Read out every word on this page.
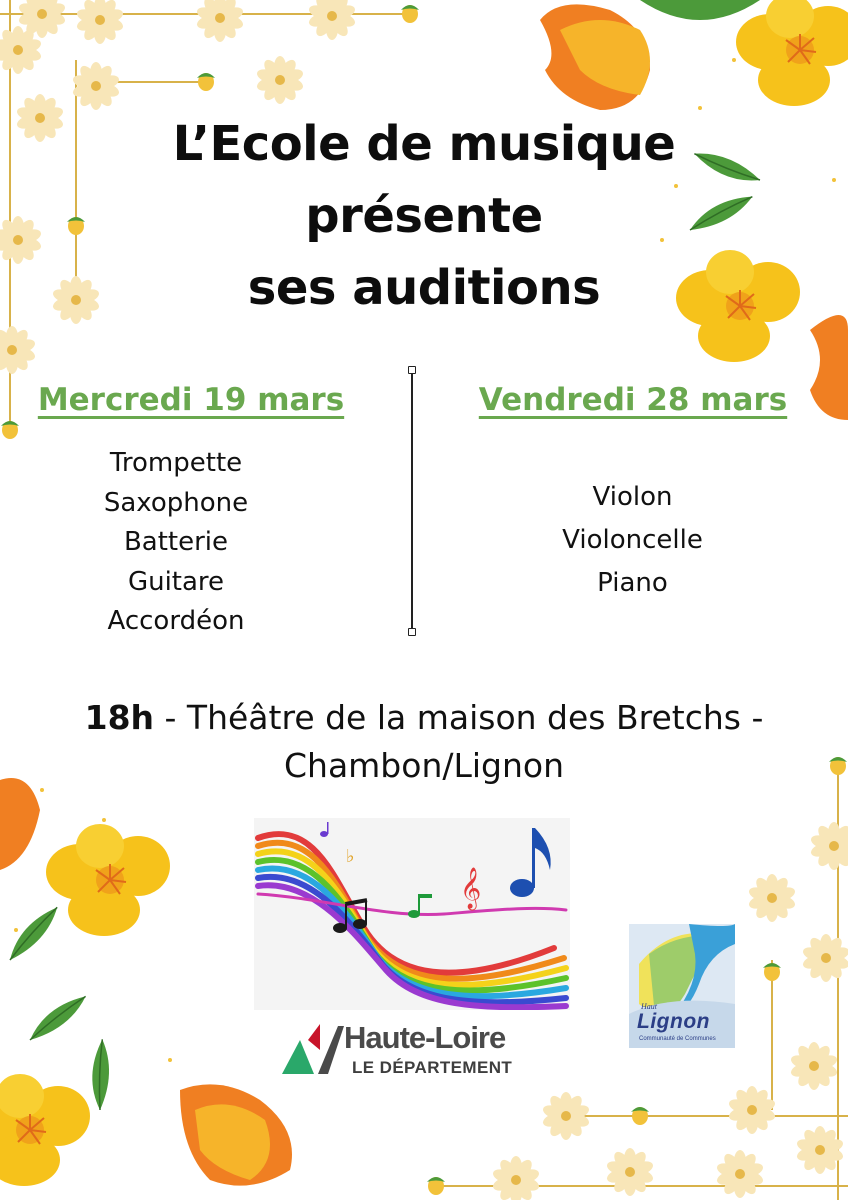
L’Ecole de musique
présente
ses auditions
Mercredi 19 mars
Trompette
Saxophone
Batterie
Guitare
Accordéon
Vendredi 28 mars
Violon
Violoncelle
Piano
18h - Théâtre de la maison des Bretchs -
Chambon/Lignon
𝄞
♭
Haute-Loire
LE DÉPARTEMENT
Haut
Lignon
Communauté de Communes
